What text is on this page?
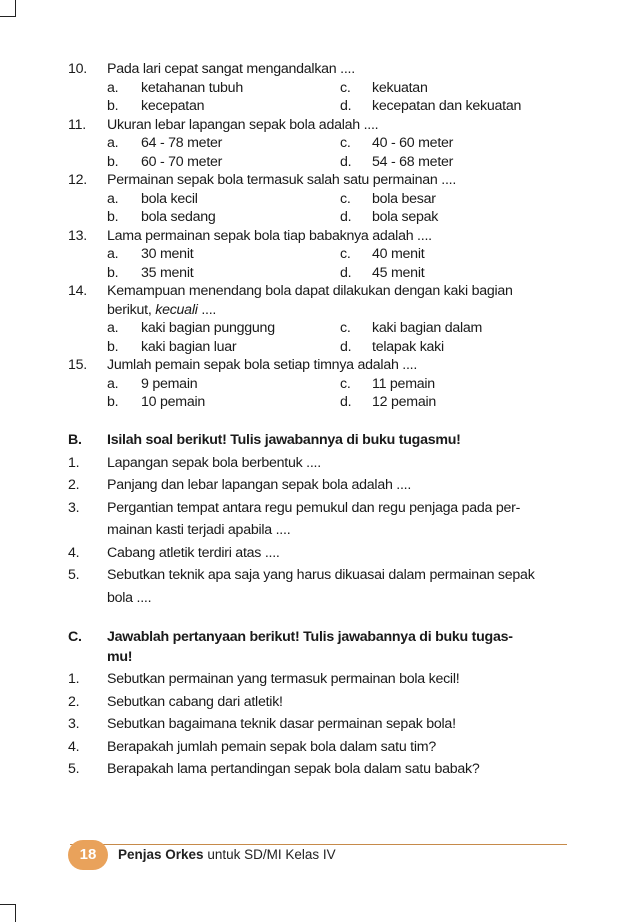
10. Pada lari cepat sangat mengandalkan ....
a. ketahanan tubuh	c. kekuatan
b. kecepatan	d. kecepatan dan kekuatan
11. Ukuran lebar lapangan sepak bola adalah ....
a. 64 - 78 meter	c. 40 - 60 meter
b. 60 - 70 meter	d. 54 - 68 meter
12. Permainan sepak bola termasuk salah satu permainan ....
a. bola kecil	c. bola besar
b. bola sedang	d. bola sepak
13. Lama permainan sepak bola tiap babaknya adalah ....
a. 30 menit	c. 40 menit
b. 35 menit	d. 45 menit
14. Kemampuan menendang bola dapat dilakukan dengan kaki bagian
berikut, kecuali ....
a. kaki bagian punggung	c. kaki bagian dalam
b. kaki bagian luar	d. telapak kaki
15. Jumlah pemain sepak bola setiap timnya adalah ....
a. 9 pemain	c. 11 pemain
b. 10 pemain	d. 12 pemain
B. Isilah soal berikut! Tulis jawabannya di buku tugasmu!
1. Lapangan sepak bola berbentuk ....
2. Panjang dan lebar lapangan sepak bola adalah ....
3. Pergantian tempat antara regu pemukul dan regu penjaga pada per-
mainan kasti terjadi apabila ....
4. Cabang atletik terdiri atas ....
5. Sebutkan teknik apa saja yang harus dikuasai dalam permainan sepak
bola ....
C. Jawablah pertanyaan berikut! Tulis jawabannya di buku tugas-
mu!
1. Sebutkan permainan yang termasuk permainan bola kecil!
2. Sebutkan cabang dari atletik!
3. Sebutkan bagaimana teknik dasar permainan sepak bola!
4. Berapakah jumlah pemain sepak bola dalam satu tim?
5. Berapakah lama pertandingan sepak bola dalam satu babak?
18	Penjas Orkes untuk SD/MI Kelas IV
